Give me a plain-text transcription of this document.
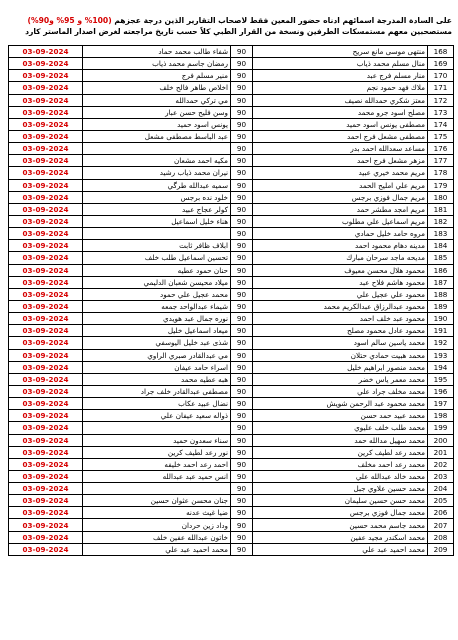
على السادة المدرجة اسمائهم ادناه حضور المعين فقط لاصحاب التقارير الذين درجة عجزهم (100% و 95% و90%)
مستصحبين معهم مستمسكات الطرفين ونسخة من القرار الطبي كلاً حسب تاريخ مراجعته لغرض اصدار الماستر كارد
03-09-2024	شفاء طالب محمد حماد	90	منتهى موسى مانع سريح	168
03-09-2024	رمضان جاسم محمد ذياب	90	منال مسلم محمد ذياب	169
03-09-2024	منير مسلم فرج	90	منار مسلم فرج عبد	170
03-09-2024	اخلاص طاهر فالح خلف	90	ملاك فهد حمود نجم	171
03-09-2024	مي تركي حمدالله	90	معتز شكري حمدالله نصيف	172
03-09-2024	وسن فليح حسن عبار	90	مصلح اسود جرو محمد	173
03-09-2024	يونس اسود حميد	90	مصطفى يونس اسود حميد	174
03-09-2024	عبد الباسط مصطفى مشعل	90	مصطفى مشعل فرج احمد	175
03-09-2024		90	مساعد سعدالله احمد بدر	176
03-09-2024	مكيه احمد مشعان	90	مزهر مشعل فرج احمد	177
03-09-2024	نيران محمد ذياب رشيد	90	مريم محمد خيري عبيد	178
03-09-2024	سميه عبدالله طرگي	90	مريم علي امليح الحمد	179
03-09-2024	خلود نده برجس	90	مريم جمال فوزي برجس	180
03-09-2024	كولر عجاج عبيد	90	مريم امجد مطشر حمد	181
03-09-2024	هناء خليل اسماعيل	90	مريم اسماعيل علي مطلوب	182
03-09-2024		90	مروه حامد خليل حمادي	183
03-09-2024	ابلاف ظافر ثابت	90	مدينه دهام محمود احمد	184
03-09-2024	تحسين اسماعيل طلب خلف	90	مديحه ماجد سرحان مبارك	185
03-09-2024	حنان حمود عطيه	90	محمود هلال محسن معيوف	186
03-09-2024	ميلاد محيسن شعبان الدليمي	90	محمود هاشم فلاح عبد	187
03-09-2024	محمد عجيل علي حمود	90	محمود علي عجيل علي	188
03-09-2024	شيماء عبدالواحد جمعه	90	محمود عبدالرزاق عبدالكريم محمد	189
03-09-2024	نوره جمال عبد هويدي	90	محمود عبد خلف احمد	190
03-09-2024	ميعاد اسماعيل خليل	90	محمود عادل محمود مصلح	191
03-09-2024	شذى عبد خليل اليوسفي	90	محمد ياسين سالم اسود	192
03-09-2024	مي عبدالقادر صبري الراوي	90	محمد هبيت حمادي حتلان	193
03-09-2024	اسراء حامد عيفان	90	محمد منصور ابراهيم خليل	194
03-09-2024	هبه عطيه محمد	90	محمد معمر ياس خضر	195
03-09-2024	مصطفى عبدالقادر خلف جراد	90	محمد مخلف جراد علي	196
03-09-2024	نضال عبيد عكاب	90	محمد محمود عبد الرحمن شويش	197
03-09-2024	ذواله سعيد عيفان علي	90	محمد عبيد حمد حسن	198
03-09-2024		90	محمد طلب خلف عليوي	199
03-09-2024	سناء سعدون حميد	90	محمد سهيل مدالله حمد	200
03-09-2024	نور رعد لطيف كرين	90	محمد رعد لطيف كرين	201
03-09-2024	احمد رعد احمد خليفه	90	محمد رعد احمد مخلف	202
03-09-2024	انس حميد عبد عبدالله	90	محمد خالد عبدالله علي	203
03-09-2024		90	محمد حسين علاوي جبل	204
03-09-2024	جنان محسن عثوان حسين	90	محمد حسن حسين سليمان	205
03-09-2024	ضيا غيث عدنه	90	محمد جمال فوزي برجس	206
03-09-2024	وداد زين حردان	90	محمد جاسم محمد حسين	207
03-09-2024	خاتون عبدالله عفين خلف	90	محمد اسكندر مجيد عفين	208
03-09-2024	محمد احميد عبد علي	90	محمد احميد عبد علي	209
